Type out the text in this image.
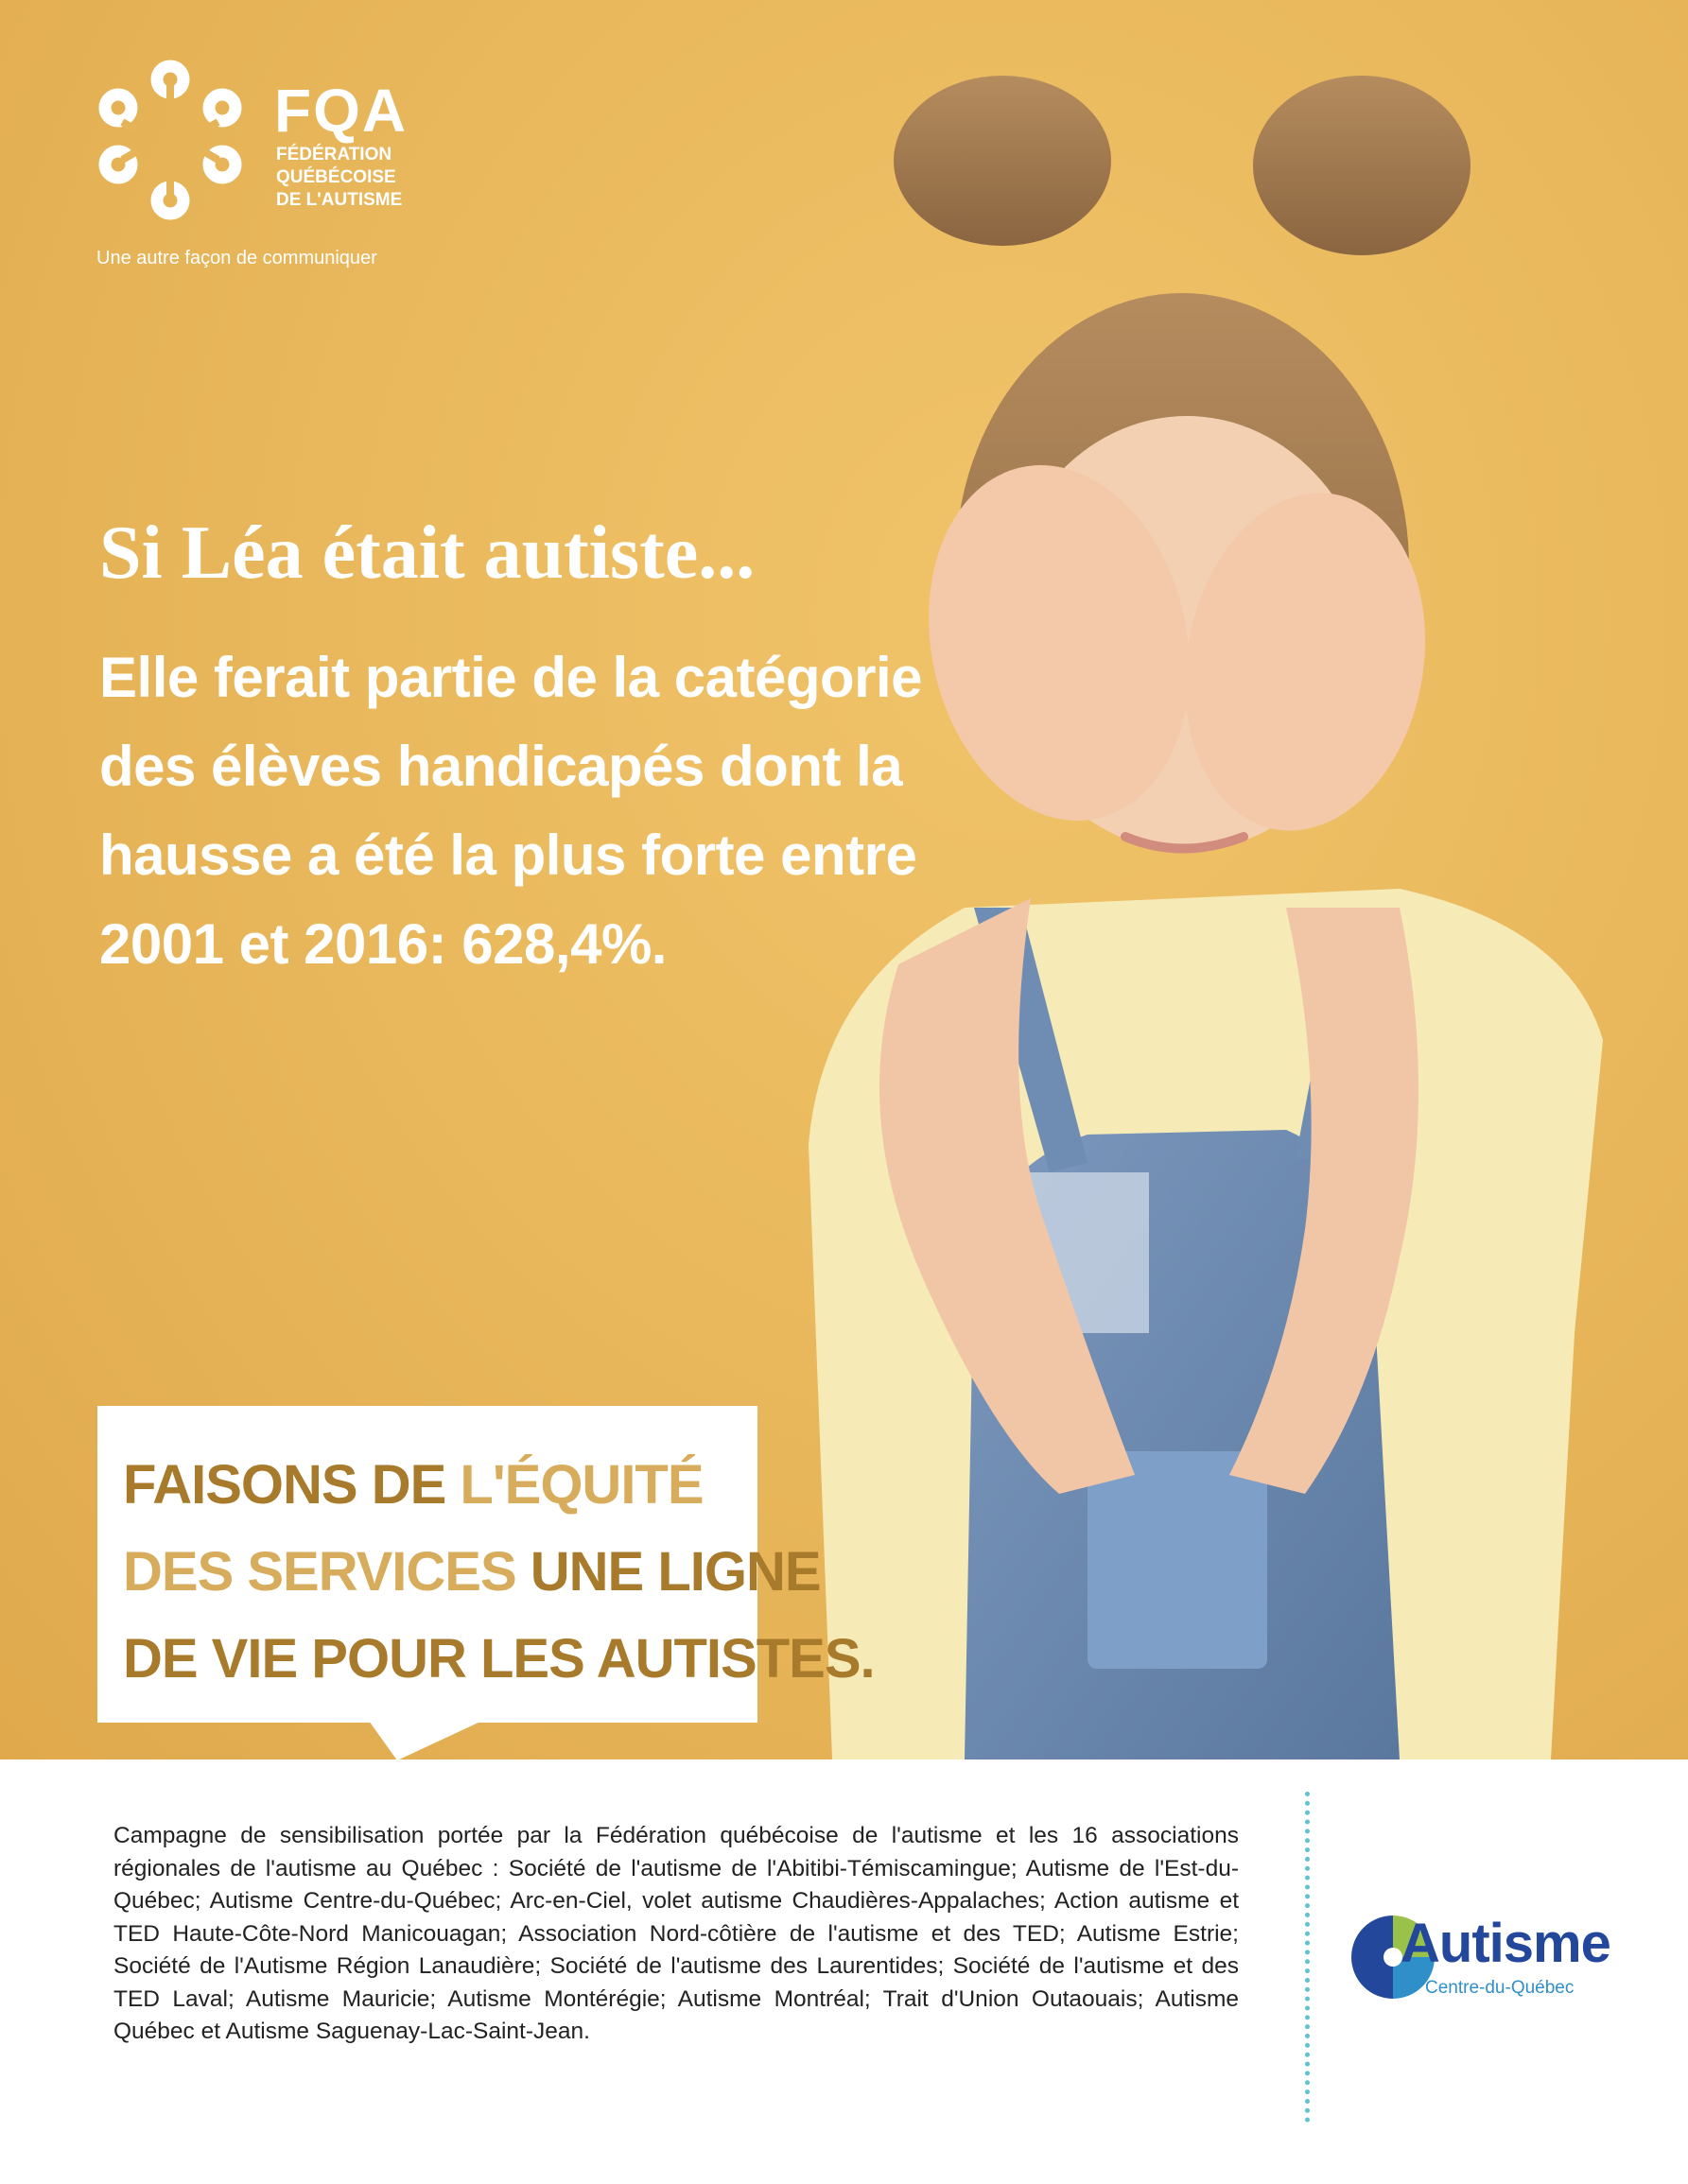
FQA
FÉDÉRATION
QUÉBÉCOISE
DE L'AUTISME
Une autre façon de communiquer
Si Léa était autiste...

Elle ferait partie de la catégorie des élèves handicapés dont la hausse a été la plus forte entre 2001 et 2016: 628,4%.

FAISONS DE L'ÉQUITÉ
DES SERVICES UNE LIGNE
DE VIE POUR LES AUTISTES.

Campagne de sensibilisation portée par la Fédération québécoise de l'autisme et les 16 associations régionales de l'autisme au Québec : Société de l'autisme de l'Abitibi-Témiscamingue; Autisme de l'Est-du-Québec; Autisme Centre-du-Québec; Arc-en-Ciel, volet autisme Chaudières-Appalaches; Action autisme et TED Haute-Côte-Nord Manicouagan; Association Nord-côtière de l'autisme et des TED; Autisme Estrie; Société de l'Autisme Région Lanaudière; Société de l'autisme des Laurentides; Société de l'autisme et des TED Laval; Autisme Mauricie; Autisme Montérégie; Autisme Montréal; Trait d'Union Outaouais; Autisme Québec et Autisme Saguenay-Lac-Saint-Jean.

Autisme
Centre-du-Québec
